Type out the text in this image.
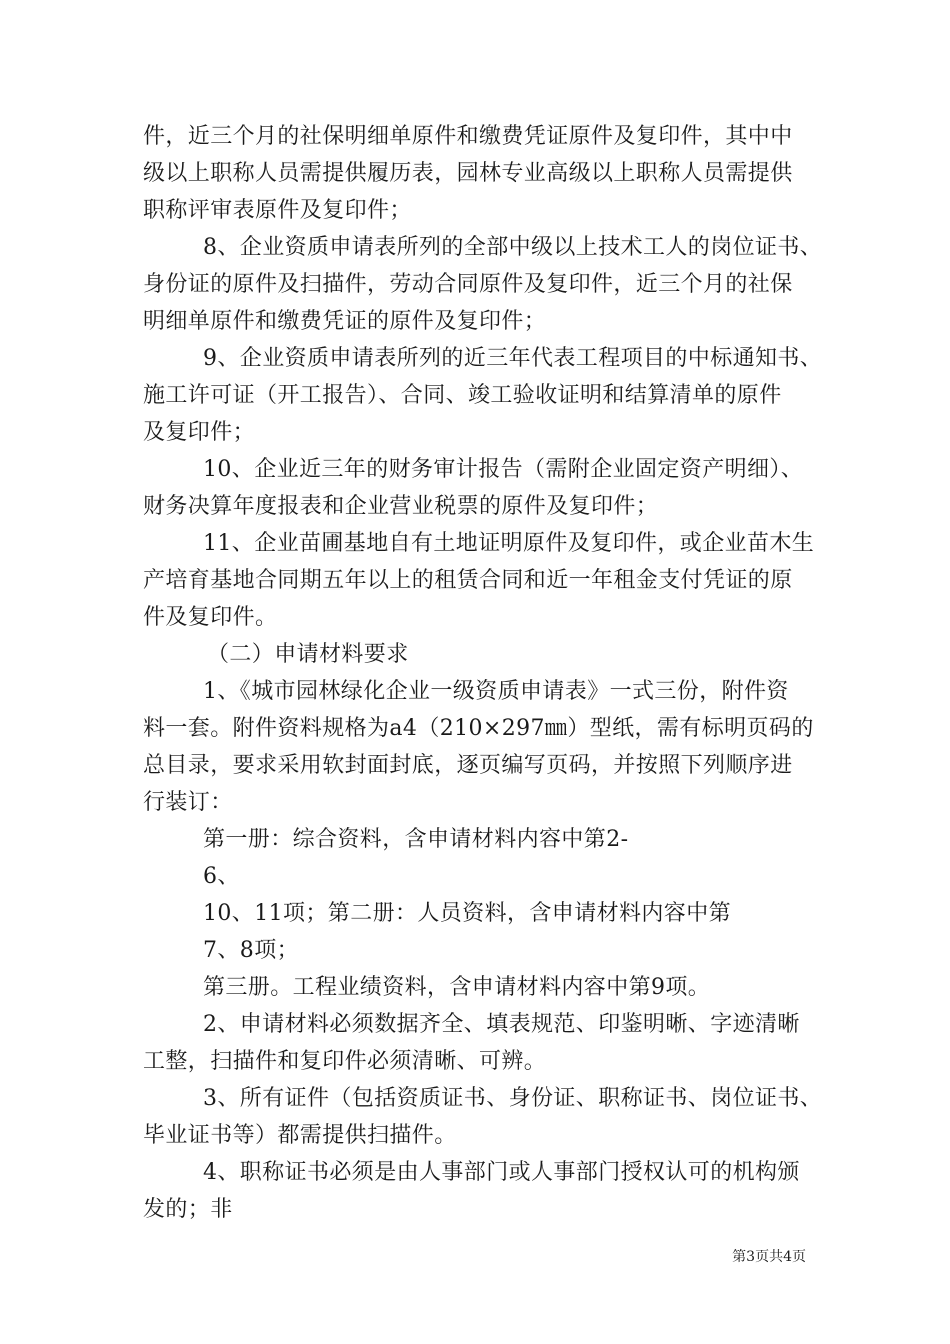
件，近三个月的社保明细单原件和缴费凭证原件及复印件，其中中
级以上职称人员需提供履历表，园林专业高级以上职称人员需提供
职称评审表原件及复印件；
8、企业资质申请表所列的全部中级以上技术工人的岗位证书、
身份证的原件及扫描件，劳动合同原件及复印件，近三个月的社保
明细单原件和缴费凭证的原件及复印件；
9、企业资质申请表所列的近三年代表工程项目的中标通知书、
施工许可证（开工报告）、合同、竣工验收证明和结算清单的原件
及复印件；
10、企业近三年的财务审计报告（需附企业固定资产明细）、
财务决算年度报表和企业营业税票的原件及复印件；
11、企业苗圃基地自有土地证明原件及复印件，或企业苗木生
产培育基地合同期五年以上的租赁合同和近一年租金支付凭证的原
件及复印件。
（二）申请材料要求
1、《城市园林绿化企业一级资质申请表》一式三份，附件资
料一套。附件资料规格为a4（210×297㎜）型纸，需有标明页码的
总目录，要求采用软封面封底，逐页编写页码，并按照下列顺序进
行装订：
第一册：综合资料，含申请材料内容中第2-
6、
10、11项；第二册：人员资料，含申请材料内容中第
7、8项；
第三册。工程业绩资料，含申请材料内容中第9项。
2、申请材料必须数据齐全、填表规范、印鉴明晰、字迹清晰
工整，扫描件和复印件必须清晰、可辨。
3、所有证件（包括资质证书、身份证、职称证书、岗位证书、
毕业证书等）都需提供扫描件。
4、职称证书必须是由人事部门或人事部门授权认可的机构颁
发的；非
第3页共4页
